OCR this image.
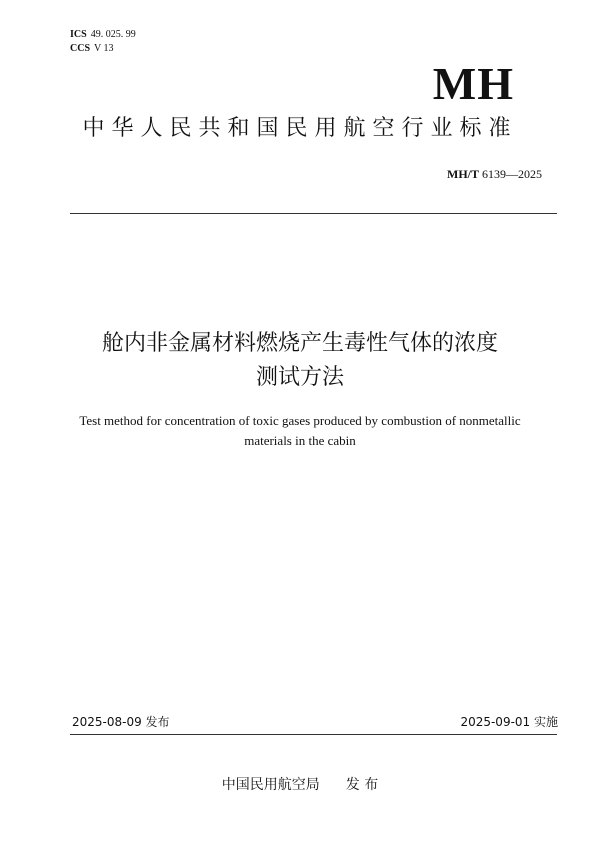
ICS 49. 025. 99
CCS V 13
MH
中华人民共和国民用航空行业标准
MH/T 6139—2025
舱内非金属材料燃烧产生毒性气体的浓度
测试方法
Test method for concentration of toxic gases produced by combustion of nonmetallic
materials in the cabin
2025-08-09 发布	2025-09-01 实施
中国民用航空局 发 布
